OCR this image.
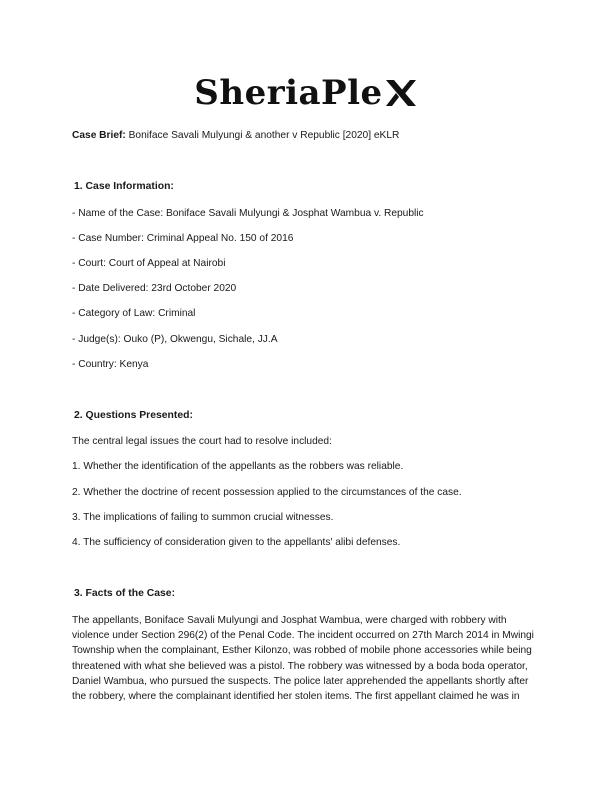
SheriaPle
Case Brief: Boniface Savali Mulyungi & another v Republic [2020] eKLR
1. Case Information:
- Name of the Case: Boniface Savali Mulyungi & Josphat Wambua v. Republic
- Case Number: Criminal Appeal No. 150 of 2016
- Court: Court of Appeal at Nairobi
- Date Delivered: 23rd October 2020
- Category of Law: Criminal
- Judge(s): Ouko (P), Okwengu, Sichale, JJ.A
- Country: Kenya
2. Questions Presented:
The central legal issues the court had to resolve included:
1. Whether the identification of the appellants as the robbers was reliable.
2. Whether the doctrine of recent possession applied to the circumstances of the case.
3. The implications of failing to summon crucial witnesses.
4. The sufficiency of consideration given to the appellants' alibi defenses.
3. Facts of the Case:
The appellants, Boniface Savali Mulyungi and Josphat Wambua, were charged with robbery with
violence under Section 296(2) of the Penal Code. The incident occurred on 27th March 2014 in Mwingi
Township when the complainant, Esther Kilonzo, was robbed of mobile phone accessories while being
threatened with what she believed was a pistol. The robbery was witnessed by a boda boda operator,
Daniel Wambua, who pursued the suspects. The police later apprehended the appellants shortly after
the robbery, where the complainant identified her stolen items. The first appellant claimed he was in
